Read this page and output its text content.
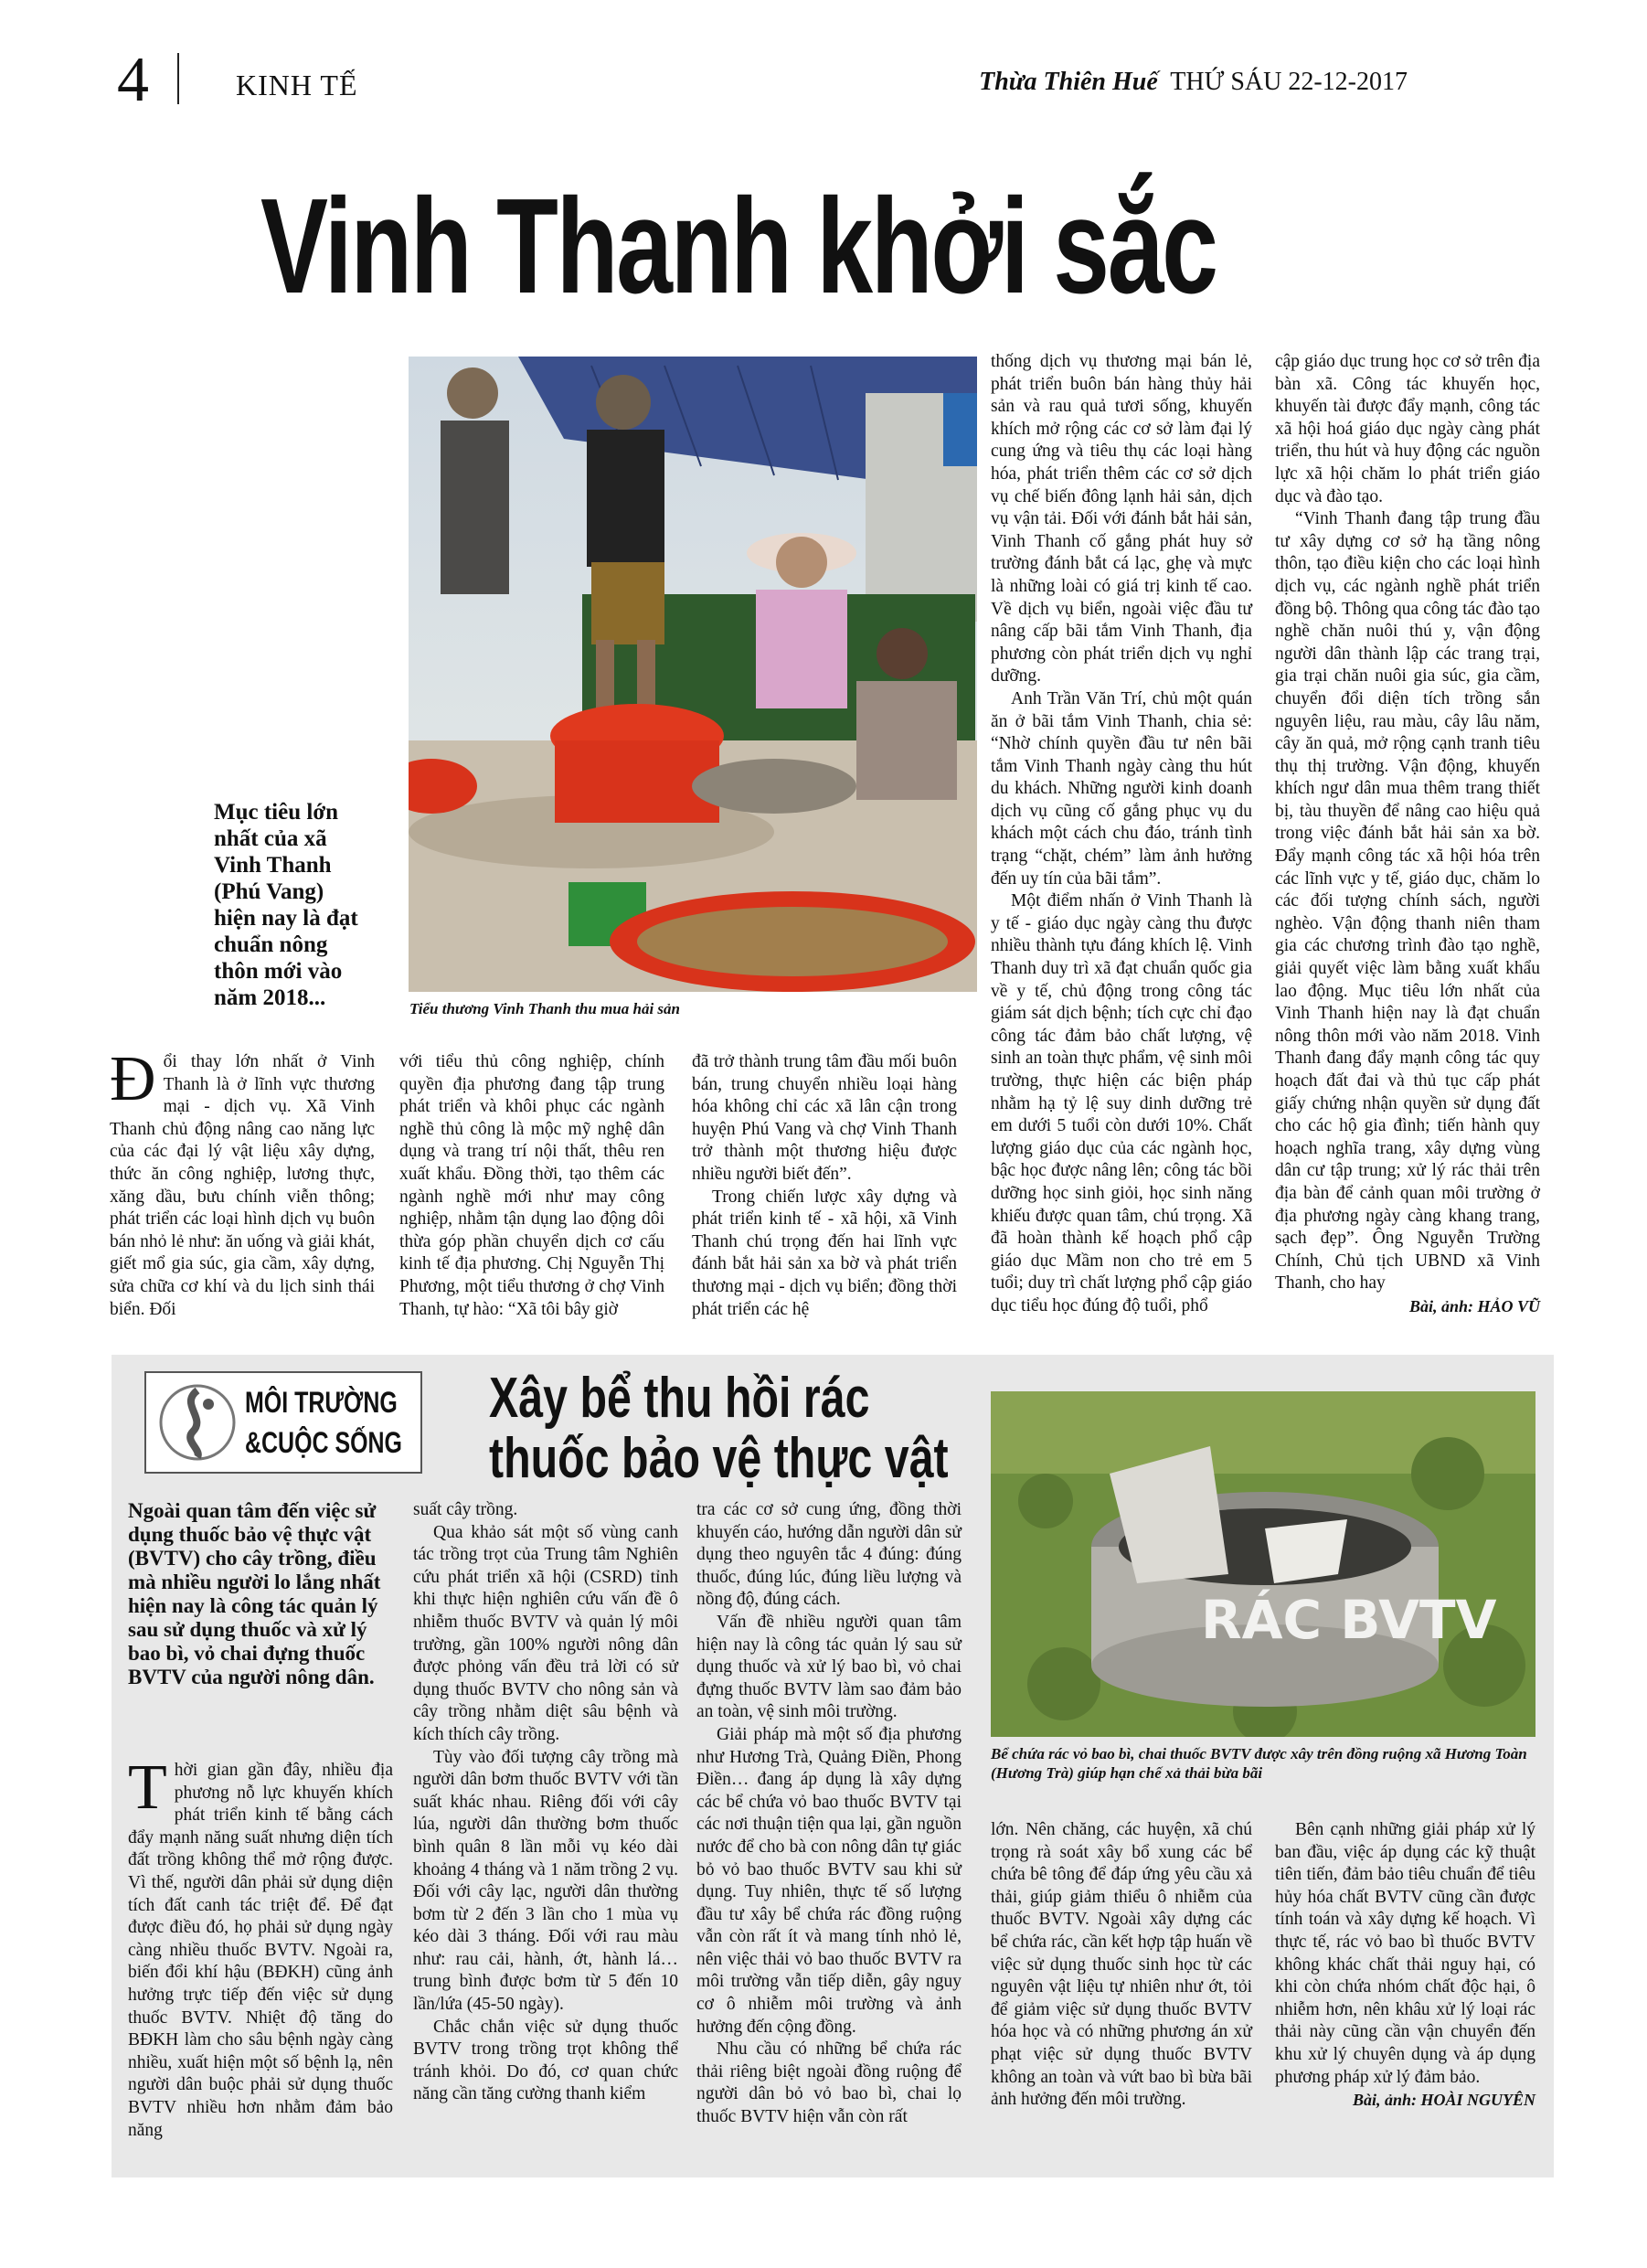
4	KINH TẾ	Thừa Thiên Huế THỨ SÁU 22-12-2017
Vinh Thanh khởi sắc
Tiểu thương Vinh Thanh thu mua hải sản
Mục tiêu lớn nhất của xã Vinh Thanh (Phú Vang) hiện nay là đạt chuẩn nông thôn mới vào năm 2018...

thống dịch vụ thương mại bán lẻ, phát triển buôn bán hàng thủy hải sản và rau quả tươi sống, khuyến khích mở rộng các cơ sở làm đại lý cung ứng và tiêu thụ các loại hàng hóa, phát triển thêm các cơ sở dịch vụ chế biến đông lạnh hải sản, dịch vụ vận tải. Đối với đánh bắt hải sản, Vinh Thanh cố gắng phát huy sở trường đánh bắt cá lạc, ghẹ và mực là những loài có giá trị kinh tế cao. Về dịch vụ biển, ngoài việc đầu tư nâng cấp bãi tắm Vinh Thanh, địa phương còn phát triển dịch vụ nghỉ dưỡng.

Anh Trần Văn Trí, chủ một quán ăn ở bãi tắm Vinh Thanh, chia sẻ: “Nhờ chính quyền đầu tư nên bãi tắm Vinh Thanh ngày càng thu hút du khách. Những người kinh doanh dịch vụ cũng cố gắng phục vụ du khách một cách chu đáo, tránh tình trạng “chặt, chém” làm ảnh hưởng đến uy tín của bãi tắm”.

Một điểm nhấn ở Vinh Thanh là y tế - giáo dục ngày càng thu được nhiều thành tựu đáng khích lệ. Vinh Thanh duy trì xã đạt chuẩn quốc gia về y tế, chủ động trong công tác giám sát dịch bệnh; tích cực chỉ đạo công tác đảm bảo chất lượng, vệ sinh an toàn thực phẩm, vệ sinh môi trường, thực hiện các biện pháp nhằm hạ tỷ lệ suy dinh dưỡng trẻ em dưới 5 tuổi còn dưới 10%. Chất lượng giáo dục của các ngành học, bậc học được nâng lên; công tác bồi dưỡng học sinh giỏi, học sinh năng khiếu được quan tâm, chú trọng. Xã đã hoàn thành kế hoạch phổ cập giáo dục Mầm non cho trẻ em 5 tuổi; duy trì chất lượng phổ cập giáo dục tiểu học đúng độ tuổi, phổ

cập giáo dục trung học cơ sở trên địa bàn xã. Công tác khuyến học, khuyến tài được đẩy mạnh, công tác xã hội hoá giáo dục ngày càng phát triển, thu hút và huy động các nguồn lực xã hội chăm lo phát triển giáo dục và đào tạo.

“Vinh Thanh đang tập trung đầu tư xây dựng cơ sở hạ tầng nông thôn, tạo điều kiện cho các loại hình dịch vụ, các ngành nghề phát triển đồng bộ. Thông qua công tác đào tạo nghề chăn nuôi thú y, vận động người dân thành lập các trang trại, gia trại chăn nuôi gia súc, gia cầm, chuyển đổi diện tích trồng sắn nguyên liệu, rau màu, cây lâu năm, cây ăn quả, mở rộng cạnh tranh tiêu thụ thị trường. Vận động, khuyến khích ngư dân mua thêm trang thiết bị, tàu thuyền để nâng cao hiệu quả trong việc đánh bắt hải sản xa bờ. Đẩy mạnh công tác xã hội hóa trên các lĩnh vực y tế, giáo dục, chăm lo các đối tượng chính sách, người nghèo. Vận động thanh niên tham gia các chương trình đào tạo nghề, giải quyết việc làm bằng xuất khẩu lao động. Mục tiêu lớn nhất của Vinh Thanh hiện nay là đạt chuẩn nông thôn mới vào năm 2018. Vinh Thanh đang đẩy mạnh công tác quy hoạch đất đai và thủ tục cấp phát giấy chứng nhận quyền sử dụng đất cho các hộ gia đình; tiến hành quy hoạch nghĩa trang, xây dựng vùng dân cư tập trung; xử lý rác thải trên địa bàn để cảnh quan môi trường ở địa phương ngày càng khang trang, sạch đẹp”. Ông Nguyễn Trường Chính, Chủ tịch UBND xã Vinh Thanh, cho hay

Bài, ảnh: HẢO VŨ

Đổi thay lớn nhất ở Vinh Thanh là ở lĩnh vực thương mại - dịch vụ. Xã Vinh Thanh chủ động nâng cao năng lực của các đại lý vật liệu xây dựng, thức ăn công nghiệp, lương thực, xăng dầu, bưu chính viễn thông; phát triển các loại hình dịch vụ buôn bán nhỏ lẻ như: ăn uống và giải khát, giết mổ gia súc, gia cầm, xây dựng, sửa chữa cơ khí và du lịch sinh thái biển. Đối

với tiểu thủ công nghiệp, chính quyền địa phương đang tập trung phát triển và khôi phục các ngành nghề thủ công là mộc mỹ nghệ dân dụng và trang trí nội thất, thêu ren xuất khẩu. Đồng thời, tạo thêm các ngành nghề mới như may công nghiệp, nhằm tận dụng lao động dôi thừa góp phần chuyển dịch cơ cấu kinh tế địa phương. Chị Nguyễn Thị Phương, một tiểu thương ở chợ Vinh Thanh, tự hào: “Xã tôi bây giờ

đã trở thành trung tâm đầu mối buôn bán, trung chuyển nhiều loại hàng hóa không chỉ các xã lân cận trong huyện Phú Vang và chợ Vinh Thanh trở thành một thương hiệu được nhiều người biết đến”.

Trong chiến lược xây dựng và phát triển kinh tế - xã hội, xã Vinh Thanh chú trọng đến hai lĩnh vực đánh bắt hải sản xa bờ và phát triển thương mại - dịch vụ biển; đồng thời phát triển các hệ

MÔI TRƯỜNG
&CUỘC SỐNG
Xây bể thu hồi rác
thuốc bảo vệ thực vật
RÁC BVTV
Bể chứa rác vỏ bao bì, chai thuốc BVTV được xây trên đồng ruộng xã Hương Toàn (Hương Trà) giúp hạn chế xả thải bừa bãi
Ngoài quan tâm đến việc sử dụng thuốc bảo vệ thực vật (BVTV) cho cây trồng, điều mà nhiều người lo lắng nhất hiện nay là công tác quản lý sau sử dụng thuốc và xử lý bao bì, vỏ chai đựng thuốc BVTV của người nông dân.

Thời gian gần đây, nhiều địa phương nỗ lực khuyến khích phát triển kinh tế bằng cách đẩy mạnh năng suất nhưng diện tích đất trồng không thể mở rộng được. Vì thế, người dân phải sử dụng diện tích đất canh tác triệt để. Để đạt được điều đó, họ phải sử dụng ngày càng nhiều thuốc BVTV. Ngoài ra, biến đổi khí hậu (BĐKH) cũng ảnh hưởng trực tiếp đến việc sử dụng thuốc BVTV. Nhiệt độ tăng do BĐKH làm cho sâu bệnh ngày càng nhiều, xuất hiện một số bệnh lạ, nên người dân buộc phải sử dụng thuốc BVTV nhiều hơn nhằm đảm bảo năng

suất cây trồng.

Qua khảo sát một số vùng canh tác trồng trọt của Trung tâm Nghiên cứu phát triển xã hội (CSRD) tỉnh khi thực hiện nghiên cứu vấn đề ô nhiễm thuốc BVTV và quản lý môi trường, gần 100% người nông dân được phỏng vấn đều trả lời có sử dụng thuốc BVTV cho nông sản và cây trồng nhằm diệt sâu bệnh và kích thích cây trồng.

Tùy vào đối tượng cây trồng mà người dân bơm thuốc BVTV với tần suất khác nhau. Riêng đối với cây lúa, người dân thường bơm thuốc bình quân 8 lần mỗi vụ kéo dài khoảng 4 tháng và 1 năm trồng 2 vụ. Đối với cây lạc, người dân thường bơm từ 2 đến 3 lần cho 1 mùa vụ kéo dài 3 tháng. Đối với rau màu như: rau cải, hành, ớt, hành lá… trung bình được bơm từ 5 đến 10 lần/lứa (45-50 ngày).

Chắc chắn việc sử dụng thuốc BVTV trong trồng trọt không thể tránh khỏi. Do đó, cơ quan chức năng cần tăng cường thanh kiểm

tra các cơ sở cung ứng, đồng thời khuyến cáo, hướng dẫn người dân sử dụng theo nguyên tắc 4 đúng: đúng thuốc, đúng lúc, đúng liều lượng và nồng độ, đúng cách.

Vấn đề nhiều người quan tâm hiện nay là công tác quản lý sau sử dụng thuốc và xử lý bao bì, vỏ chai đựng thuốc BVTV làm sao đảm bảo an toàn, vệ sinh môi trường.

Giải pháp mà một số địa phương như Hương Trà, Quảng Điền, Phong Điền… đang áp dụng là xây dựng các bể chứa vỏ bao thuốc BVTV tại các nơi thuận tiện qua lại, gần nguồn nước để cho bà con nông dân tự giác bỏ vỏ bao thuốc BVTV sau khi sử dụng. Tuy nhiên, thực tế số lượng đầu tư xây bể chứa rác đồng ruộng vẫn còn rất ít và mang tính nhỏ lẻ, nên việc thải vỏ bao thuốc BVTV ra môi trường vẫn tiếp diễn, gây nguy cơ ô nhiễm môi trường và ảnh hưởng đến cộng đồng.

Nhu cầu có những bể chứa rác thải riêng biệt ngoài đồng ruộng để người dân bỏ vỏ bao bì, chai lọ thuốc BVTV hiện vẫn còn rất

lớn. Nên chăng, các huyện, xã chú trọng rà soát xây bổ xung các bể chứa bê tông để đáp ứng yêu cầu xả thải, giúp giảm thiểu ô nhiễm của thuốc BVTV. Ngoài xây dựng các bể chứa rác, cần kết hợp tập huấn về việc sử dụng thuốc sinh học từ các nguyên vật liệu tự nhiên như ớt, tỏi để giảm việc sử dụng thuốc BVTV hóa học và có những phương án xử phạt việc sử dụng thuốc BVTV không an toàn và vứt bao bì bừa bãi ảnh hưởng đến môi trường.

Bên cạnh những giải pháp xử lý ban đầu, việc áp dụng các kỹ thuật tiên tiến, đảm bảo tiêu chuẩn để tiêu hủy hóa chất BVTV cũng cần được tính toán và xây dựng kế hoạch. Vì thực tế, rác vỏ bao bì thuốc BVTV không khác chất thải nguy hại, có khi còn chứa nhóm chất độc hại, ô nhiễm hơn, nên khâu xử lý loại rác thải này cũng cần vận chuyển đến khu xử lý chuyên dụng và áp dụng phương pháp xử lý đảm bảo.

Bài, ảnh: HOÀI NGUYÊN
